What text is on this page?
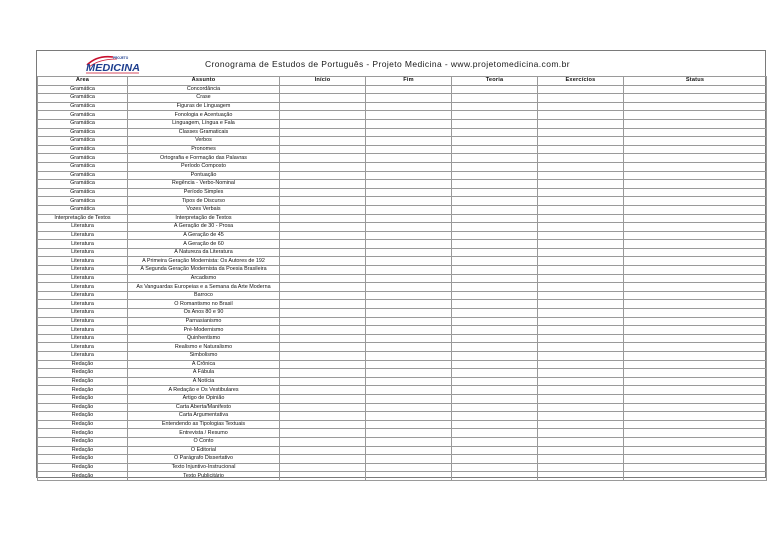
PROJETO
MEDICINA	Cronograma de Estudos de Português - Projeto Medicina - www.projetomedicina.com.br
Área	Assunto	Início	Fim	Teoria	Exercícios	Status
Gramática	Concordância					
Gramática	Crase					
Gramática	Figuras de Linguagem					
Gramática	Fonologia e Acentuação					
Gramática	Linguagem, Língua e Fala					
Gramática	Classes Gramaticais					
Gramática	Verbos					
Gramática	Pronomes					
Gramática	Ortografia e Formação das Palavras					
Gramática	Período Composto					
Gramática	Pontuação					
Gramática	Regência - Verbo-Nominal					
Gramática	Período Simples					
Gramática	Tipos de Discurso					
Gramática	Vozes Verbais					
Interpretação de Textos	Interpretação de Textos					
Literatura	A Geração de 30 - Prosa					
Literatura	A Geração de 45					
Literatura	A Geração de 60					
Literatura	A Natureza da Literatura					
Literatura	A Primeira Geração Modernista: Os Autores de 192					
Literatura	A Segunda Geração Modernista da Poesia Brasileira					
Literatura	Arcadismo					
Literatura	As Vanguardas Europeias e a Semana da Arte Moderna					
Literatura	Barroco					
Literatura	O Romantismo no Brasil					
Literatura	Os Anos 80 e 90					
Literatura	Parnasianismo					
Literatura	Pré-Modernismo					
Literatura	Quinhentismo					
Literatura	Realismo e Naturalismo					
Literatura	Simbolismo					
Redação	A Crônica					
Redação	A Fábula					
Redação	A Notícia					
Redação	A Redação e Os Vestibulares					
Redação	Artigo de Opinião					
Redação	Carta Aberta/Manifesto					
Redação	Carta Argumentativa					
Redação	Entendendo as Tipologias Textuais					
Redação	Entrevista / Resumo					
Redação	O Conto					
Redação	O Editorial					
Redação	O Parágrafo Dissertativo					
Redação	Texto Injuntivo-Instrucional					
Redação	Texto Publicitário					
